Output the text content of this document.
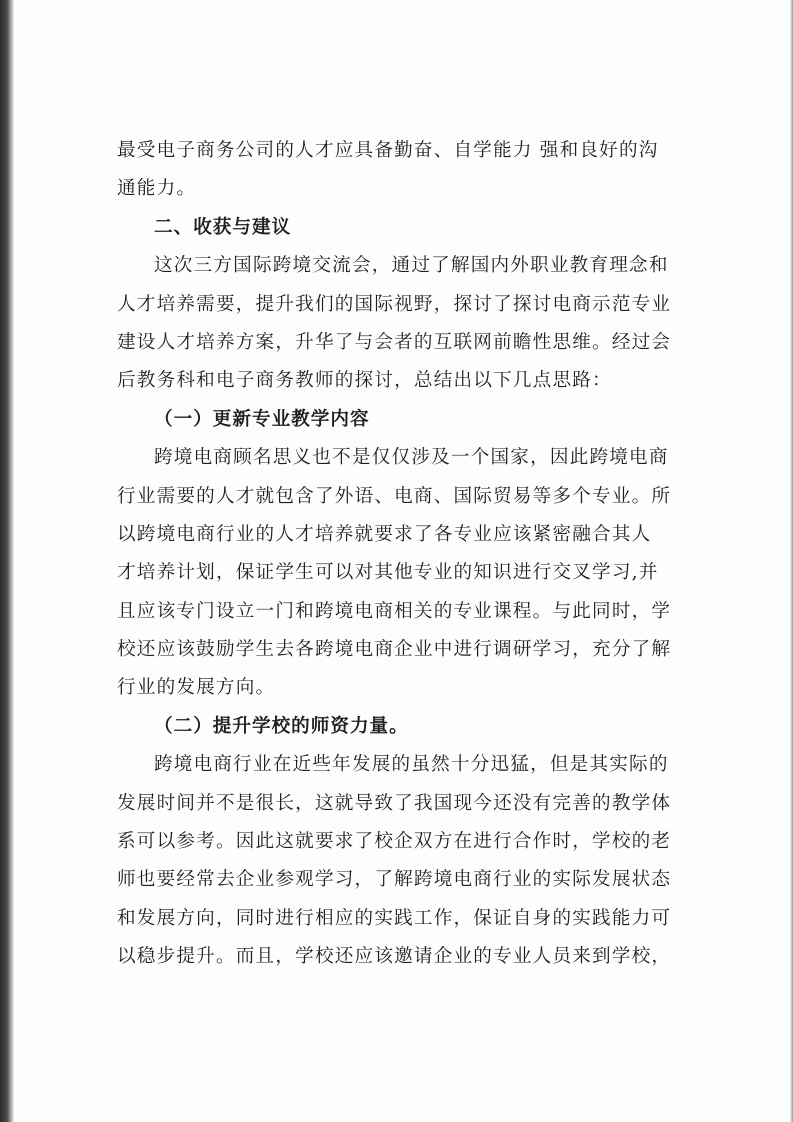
最受电子商务公司的人才应具备勤奋、自学能力 强和良好的沟
通能力。
二、收获与建议
这次三方国际跨境交流会，通过了解国内外职业教育理念和
人才培养需要，提升我们的国际视野，探讨了探讨电商示范专业
建设人才培养方案，升华了与会者的互联网前瞻性思维。经过会
后教务科和电子商务教师的探讨，总结出以下几点思路：
（一）更新专业教学内容
跨境电商顾名思义也不是仅仅涉及一个国家，因此跨境电商
行业需要的人才就包含了外语、电商、国际贸易等多个专业。所
以跨境电商行业的人才培养就要求了各专业应该紧密融合其人
才培养计划，保证学生可以对其他专业的知识进行交叉学习,并
且应该专门设立一门和跨境电商相关的专业课程。与此同时，学
校还应该鼓励学生去各跨境电商企业中进行调研学习，充分了解
行业的发展方向。
（二）提升学校的师资力量。
跨境电商行业在近些年发展的虽然十分迅猛，但是其实际的
发展时间并不是很长，这就导致了我国现今还没有完善的教学体
系可以参考。因此这就要求了校企双方在进行合作时，学校的老
师也要经常去企业参观学习，了解跨境电商行业的实际发展状态
和发展方向，同时进行相应的实践工作，保证自身的实践能力可
以稳步提升。而且，学校还应该邀请企业的专业人员来到学校，
